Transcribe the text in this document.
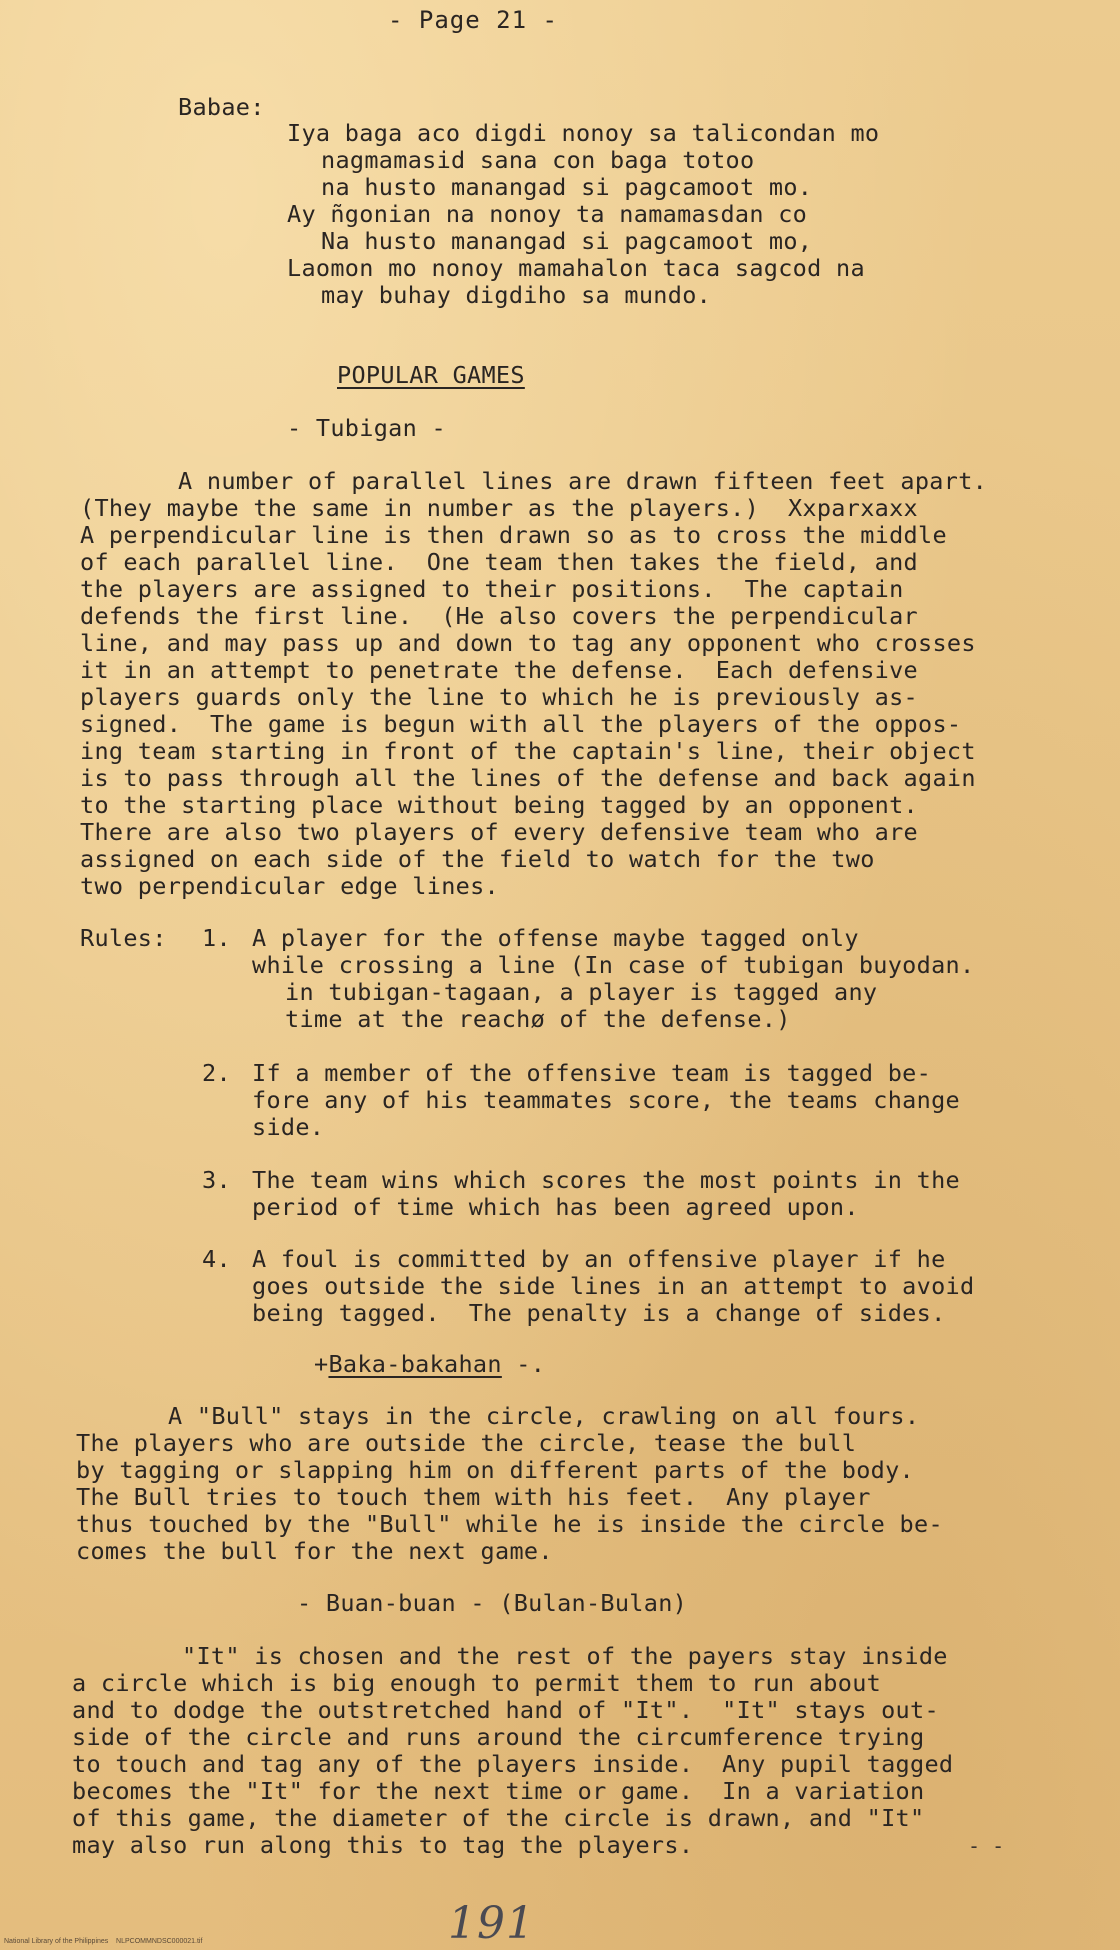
- Page 21 -
Babae:
Iya baga aco digdi nonoy sa talicondan mo
nagmamasid sana con baga totoo
na husto manangad si pagcamoot mo.
Ay ñgonian na nonoy ta namamasdan co
Na husto manangad si pagcamoot mo,
Laomon mo nonoy mamahalon taca sagcod na
may buhay digdiho sa mundo.
POPULAR GAMES
- Tubigan -
A number of parallel lines are drawn fifteen feet apart.
(They maybe the same in number as the players.)  Xxparxaxx
A perpendicular line is then drawn so as to cross the middle
of each parallel line.  One team then takes the field, and
the players are assigned to their positions.  The captain
defends the first line.  (He also covers the perpendicular
line, and may pass up and down to tag any opponent who crosses
it in an attempt to penetrate the defense.  Each defensive
players guards only the line to which he is previously as-
signed.  The game is begun with all the players of the oppos-
ing team starting in front of the captain's line, their object
is to pass through all the lines of the defense and back again
to the starting place without being tagged by an opponent.
There are also two players of every defensive team who are
assigned on each side of the field to watch for the two
two perpendicular edge lines.
Rules: 1. A player for the offense maybe tagged only
while crossing a line (In case of tubigan buyodan.
in tubigan-tagaan, a player is tagged any
time at the reachø of the defense.)
2. If a member of the offensive team is tagged be-
fore any of his teammates score, the teams change
side.
3. The team wins which scores the most points in the
period of time which has been agreed upon.
4. A foul is committed by an offensive player if he
goes outside the side lines in an attempt to avoid
being tagged.  The penalty is a change of sides.
+Baka-bakahan -.
A "Bull" stays in the circle, crawling on all fours.
The players who are outside the circle, tease the bull
by tagging or slapping him on different parts of the body.
The Bull tries to touch them with his feet.  Any player
thus touched by the "Bull" while he is inside the circle be-
comes the bull for the next game.
- Buan-buan - (Bulan-Bulan)
"It" is chosen and the rest of the payers stay inside
a circle which is big enough to permit them to run about
and to dodge the outstretched hand of "It".  "It" stays out-
side of the circle and runs around the circumference trying
to touch and tag any of the players inside.  Any pupil tagged
becomes the "It" for the next time or game.  In a variation
of this game, the diameter of the circle is drawn, and "It"
may also run along this to tag the players.	- -
191
National Library of the Philippines    NLPCOMMNDSC000021.tif
